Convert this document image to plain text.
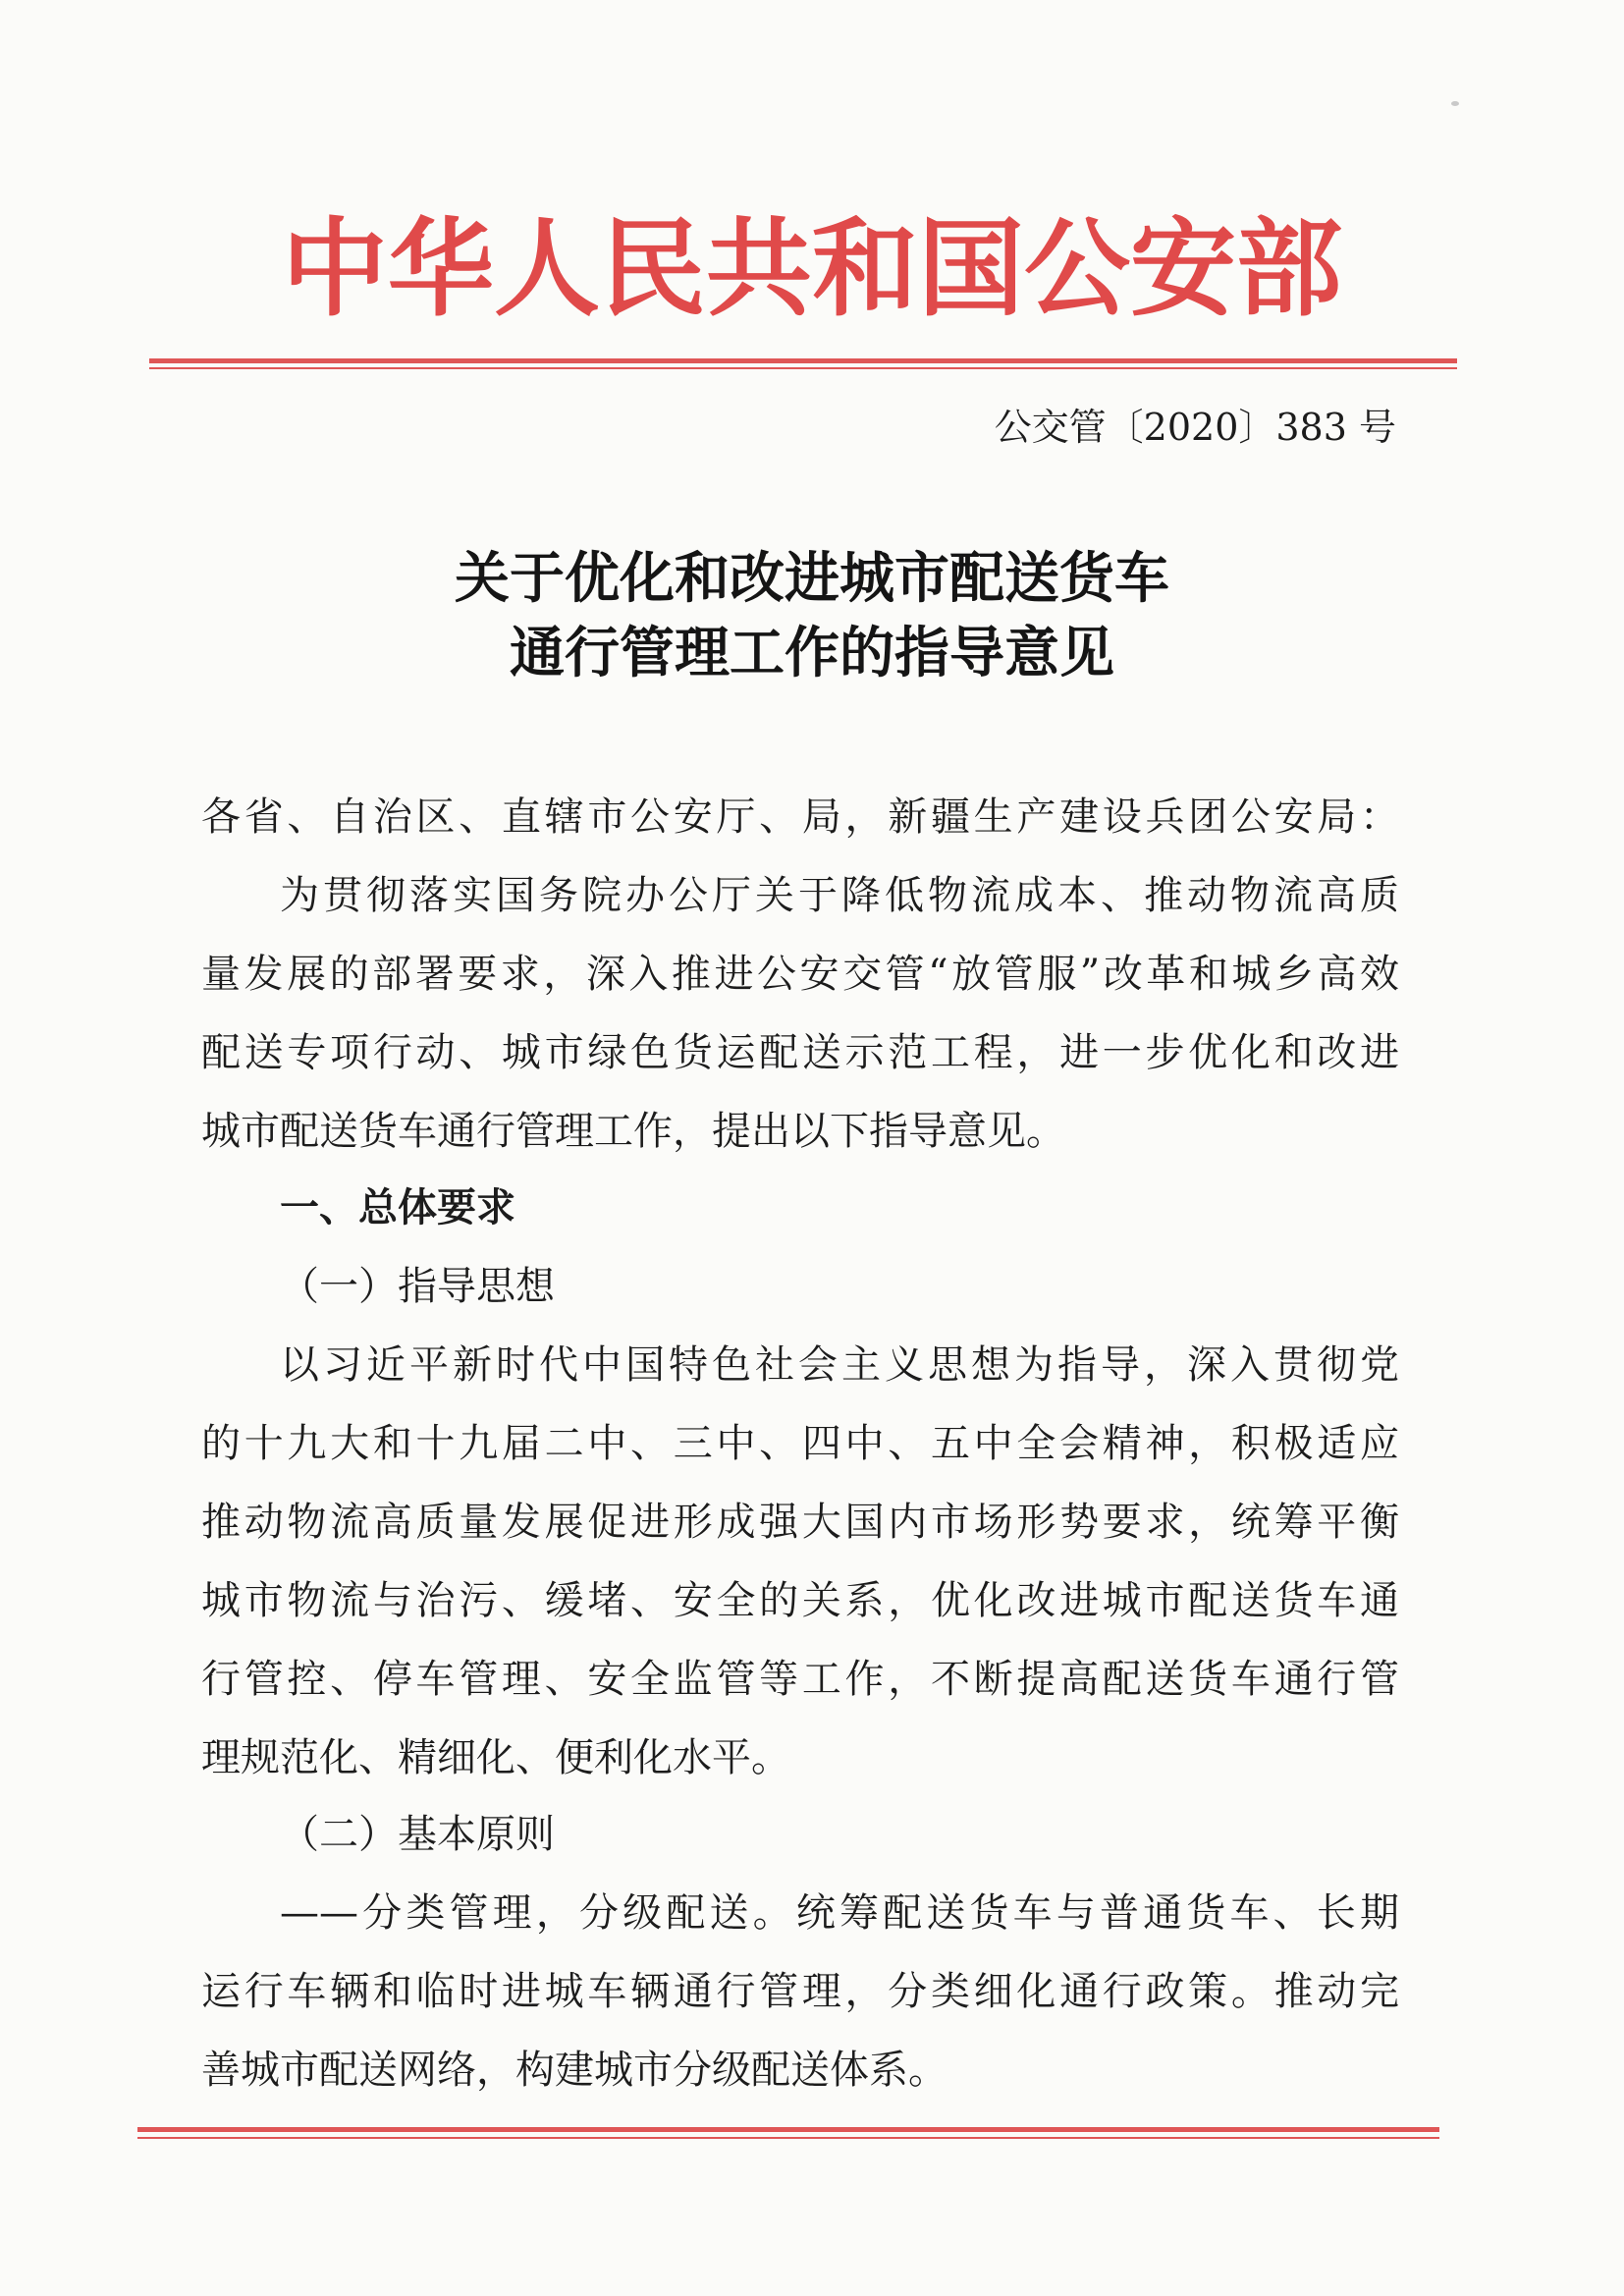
中华人民共和国公安部
公交管〔2020〕383 号
关于优化和改进城市配送货车
通行管理工作的指导意见
各省、自治区、直辖市公安厅、局，新疆生产建设兵团公安局：
为贯彻落实国务院办公厅关于降低物流成本、推动物流高质
量发展的部署要求，深入推进公安交管“放管服”改革和城乡高效
配送专项行动、城市绿色货运配送示范工程，进一步优化和改进
城市配送货车通行管理工作，提出以下指导意见。
一、总体要求
（一）指导思想
以习近平新时代中国特色社会主义思想为指导，深入贯彻党
的十九大和十九届二中、三中、四中、五中全会精神，积极适应
推动物流高质量发展促进形成强大国内市场形势要求，统筹平衡
城市物流与治污、缓堵、安全的关系，优化改进城市配送货车通
行管控、停车管理、安全监管等工作，不断提高配送货车通行管
理规范化、精细化、便利化水平。
（二）基本原则
——分类管理，分级配送。统筹配送货车与普通货车、长期
运行车辆和临时进城车辆通行管理，分类细化通行政策。推动完
善城市配送网络，构建城市分级配送体系。
